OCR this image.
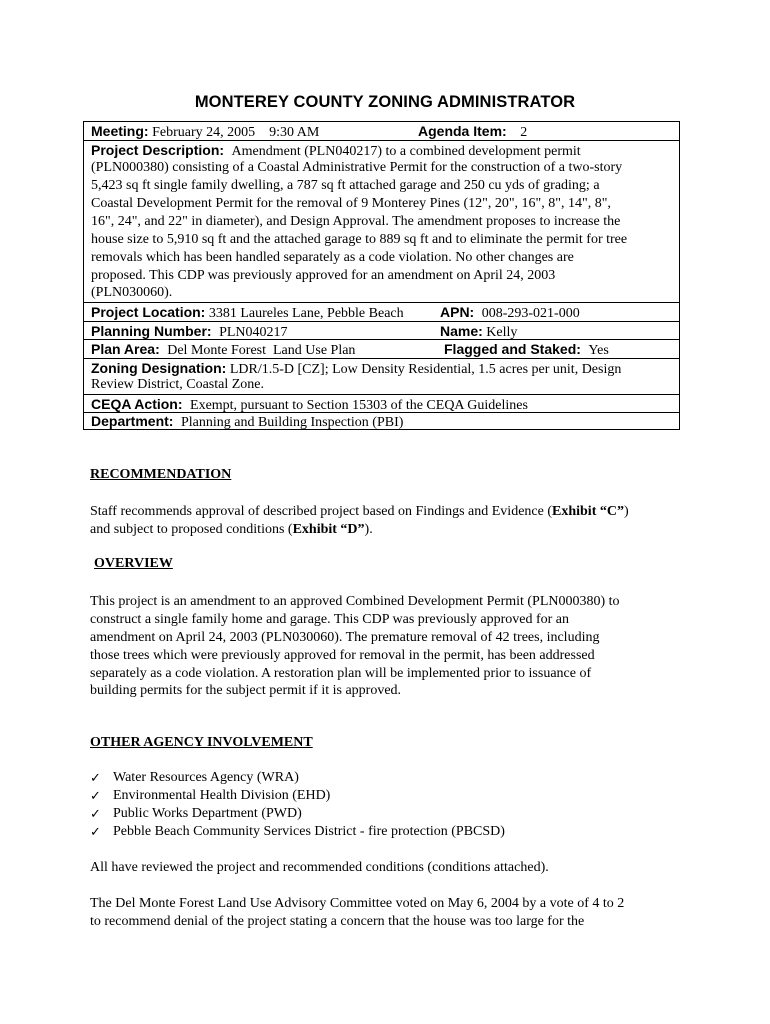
MONTEREY COUNTY ZONING ADMINISTRATOR
Meeting: February 24, 2005    9:30 AM	Agenda Item: 2
Project Description: Amendment (PLN040217) to a combined development permit
(PLN000380) consisting of a Coastal Administrative Permit for the construction of a two-story
5,423 sq ft single family dwelling, a 787 sq ft attached garage and 250 cu yds of grading; a
Coastal Development Permit for the removal of 9 Monterey Pines (12", 20", 16", 8", 14", 8",
16", 24", and 22" in diameter), and Design Approval. The amendment proposes to increase the
house size to 5,910 sq ft and the attached garage to 889 sq ft and to eliminate the permit for tree
removals which has been handled separately as a code violation. No other changes are
proposed. This CDP was previously approved for an amendment on April 24, 2003
(PLN030060).
Project Location: 3381 Laureles Lane, Pebble Beach	APN: 008-293-021-000
Planning Number: PLN040217	Name: Kelly
Plan Area: Del Monte Forest  Land Use Plan	Flagged and Staked: Yes
Zoning Designation: LDR/1.5-D [CZ]; Low Density Residential, 1.5 acres per unit, Design
Review District, Coastal Zone.
CEQA Action: Exempt, pursuant to Section 15303 of the CEQA Guidelines
Department: Planning and Building Inspection (PBI)
RECOMMENDATION
Staff recommends approval of described project based on Findings and Evidence (Exhibit “C”)
and subject to proposed conditions (Exhibit “D”).
OVERVIEW
This project is an amendment to an approved Combined Development Permit (PLN000380) to
construct a single family home and garage. This CDP was previously approved for an
amendment on April 24, 2003 (PLN030060). The premature removal of 42 trees, including
those trees which were previously approved for removal in the permit, has been addressed
separately as a code violation. A restoration plan will be implemented prior to issuance of
building permits for the subject permit if it is approved.
OTHER AGENCY INVOLVEMENT
✓ Water Resources Agency (WRA)
✓ Environmental Health Division (EHD)
✓ Public Works Department (PWD)
✓ Pebble Beach Community Services District - fire protection (PBCSD)
All have reviewed the project and recommended conditions (conditions attached).
The Del Monte Forest Land Use Advisory Committee voted on May 6, 2004 by a vote of 4 to 2
to recommend denial of the project stating a concern that the house was too large for the
